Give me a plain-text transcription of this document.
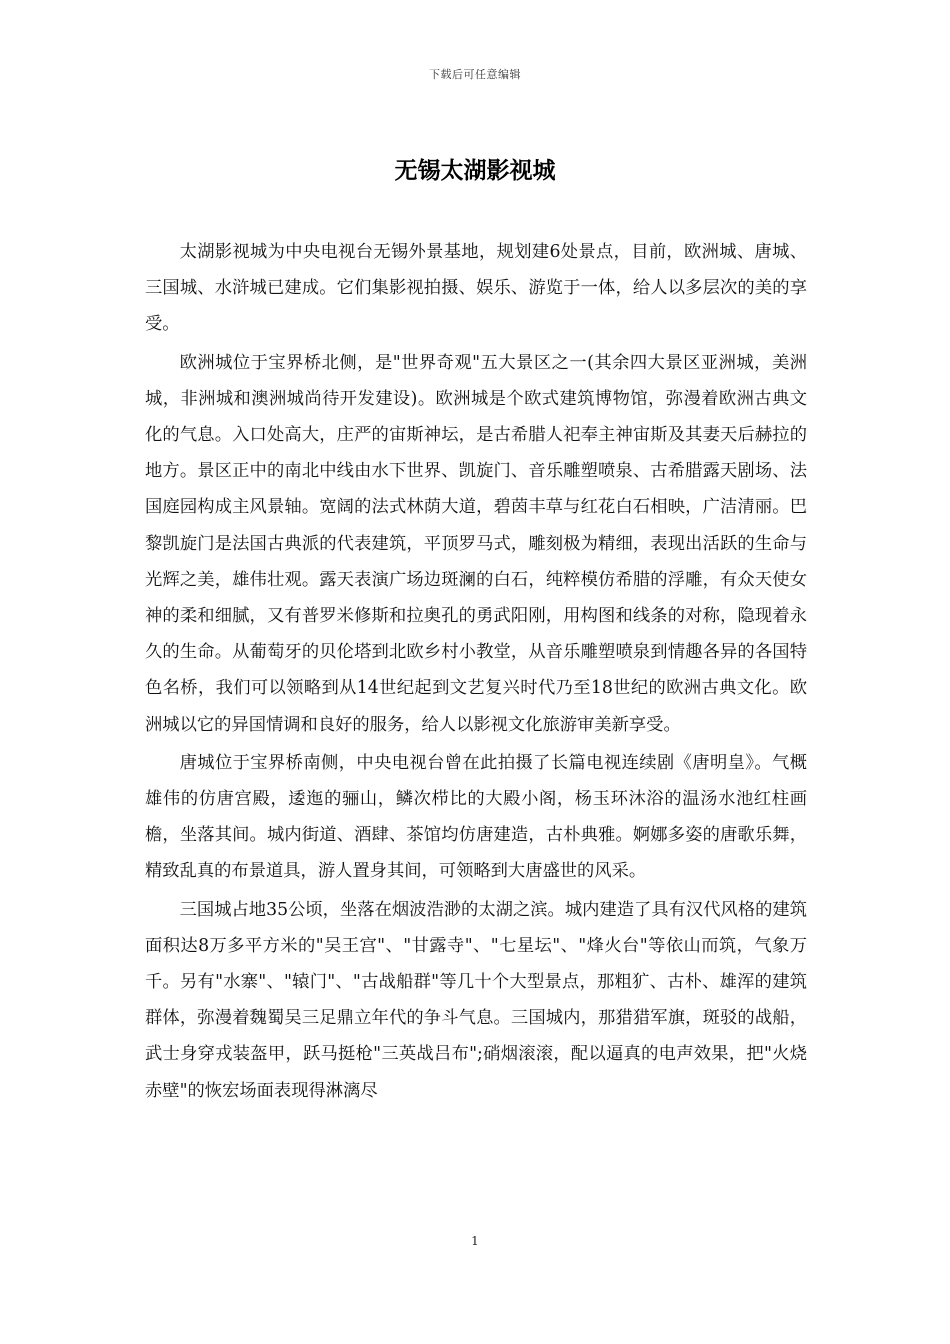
下载后可任意编辑
无锡太湖影视城

太湖影视城为中央电视台无锡外景基地，规划建6处景点，目前，欧洲城、唐城、三国城、水浒城已建成。它们集影视拍摄、娱乐、游览于一体，给人以多层次的美的享受。

欧洲城位于宝界桥北侧，是"世界奇观"五大景区之一(其余四大景区亚洲城，美洲城，非洲城和澳洲城尚待开发建设)。欧洲城是个欧式建筑博物馆，弥漫着欧洲古典文化的气息。入口处高大，庄严的宙斯神坛，是古希腊人祀奉主神宙斯及其妻天后赫拉的地方。景区正中的南北中线由水下世界、凯旋门、音乐雕塑喷泉、古希腊露天剧场、法国庭园构成主风景轴。宽阔的法式林荫大道，碧茵丰草与红花白石相映，广洁清丽。巴黎凯旋门是法国古典派的代表建筑，平顶罗马式，雕刻极为精细，表现出活跃的生命与光辉之美，雄伟壮观。露天表演广场边斑澜的白石，纯粹模仿希腊的浮雕，有众天使女神的柔和细腻，又有普罗米修斯和拉奥孔的勇武阳刚，用构图和线条的对称，隐现着永久的生命。从葡萄牙的贝伦塔到北欧乡村小教堂，从音乐雕塑喷泉到情趣各异的各国特色名桥，我们可以领略到从14世纪起到文艺复兴时代乃至18世纪的欧洲古典文化。欧洲城以它的异国情调和良好的服务，给人以影视文化旅游审美新享受。

唐城位于宝界桥南侧，中央电视台曾在此拍摄了长篇电视连续剧《唐明皇》。气概雄伟的仿唐宫殿，逶迤的骊山，鳞次栉比的大殿小阁，杨玉环沐浴的温汤水池红柱画檐，坐落其间。城内街道、酒肆、茶馆均仿唐建造，古朴典雅。婀娜多姿的唐歌乐舞，精致乱真的布景道具，游人置身其间，可领略到大唐盛世的风采。

三国城占地35公顷，坐落在烟波浩渺的太湖之滨。城内建造了具有汉代风格的建筑面积达8万多平方米的"吴王宫"、"甘露寺"、"七星坛"、"烽火台"等依山而筑，气象万千。另有"水寨"、"辕门"、"古战船群"等几十个大型景点，那粗犷、古朴、雄浑的建筑群体，弥漫着魏蜀吴三足鼎立年代的争斗气息。三国城内，那猎猎军旗，斑驳的战船，武士身穿戎装盔甲，跃马挺枪"三英战吕布";硝烟滚滚，配以逼真的电声效果，把"火烧赤壁"的恢宏场面表现得淋漓尽

1
